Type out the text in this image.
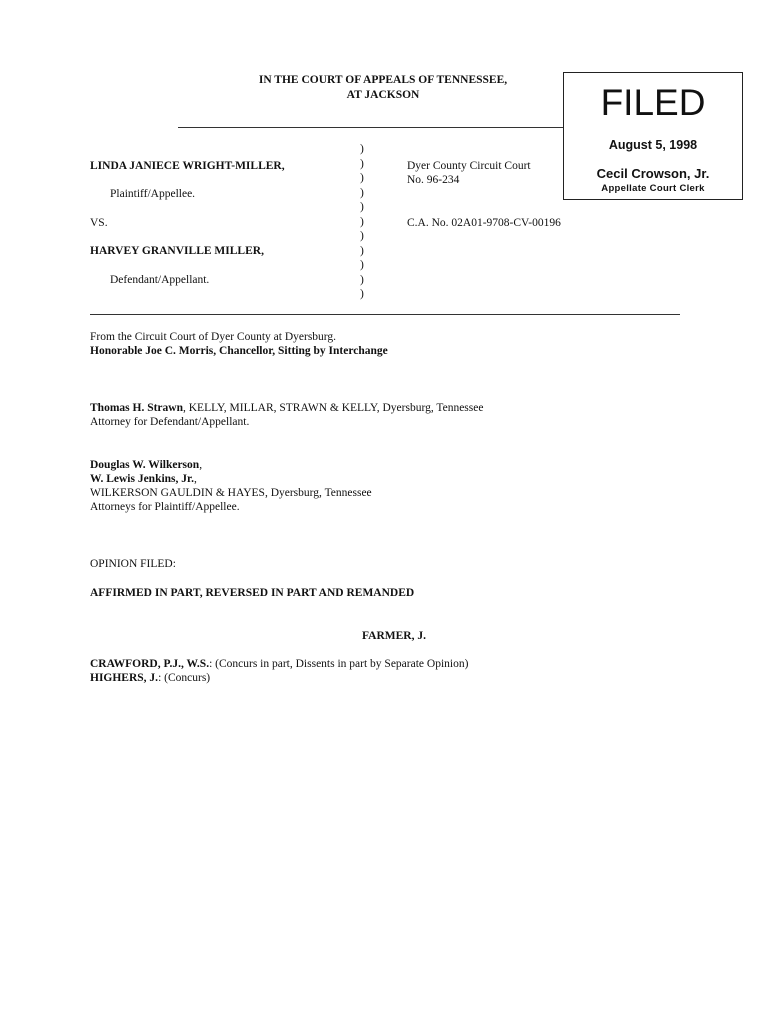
IN THE COURT OF APPEALS OF TENNESSEE,
AT JACKSON	FILED
August 5, 1998
Cecil Crowson, Jr.
Appellate Court Clerk
LINDA JANIECE WRIGHT-MILLER,
Plaintiff/Appellee.
VS.
HARVEY GRANVILLE MILLER,
Defendant/Appellant.
)
)
)
)
)
)
)
)
)
)
)
Dyer County Circuit Court
No. 96-234
C.A. No. 02A01-9708-CV-00196
From the Circuit Court of Dyer County at Dyersburg.
Honorable Joe C. Morris, Chancellor, Sitting by Interchange
Thomas H. Strawn, KELLY, MILLAR, STRAWN & KELLY, Dyersburg, Tennessee
Attorney for Defendant/Appellant.
Douglas W. Wilkerson,
W. Lewis Jenkins, Jr.,
WILKERSON GAULDIN & HAYES, Dyersburg, Tennessee
Attorneys for Plaintiff/Appellee.
OPINION FILED:
AFFIRMED IN PART, REVERSED IN PART AND REMANDED
FARMER, J.
CRAWFORD, P.J., W.S.: (Concurs in part, Dissents in part by Separate Opinion)
HIGHERS, J.: (Concurs)
